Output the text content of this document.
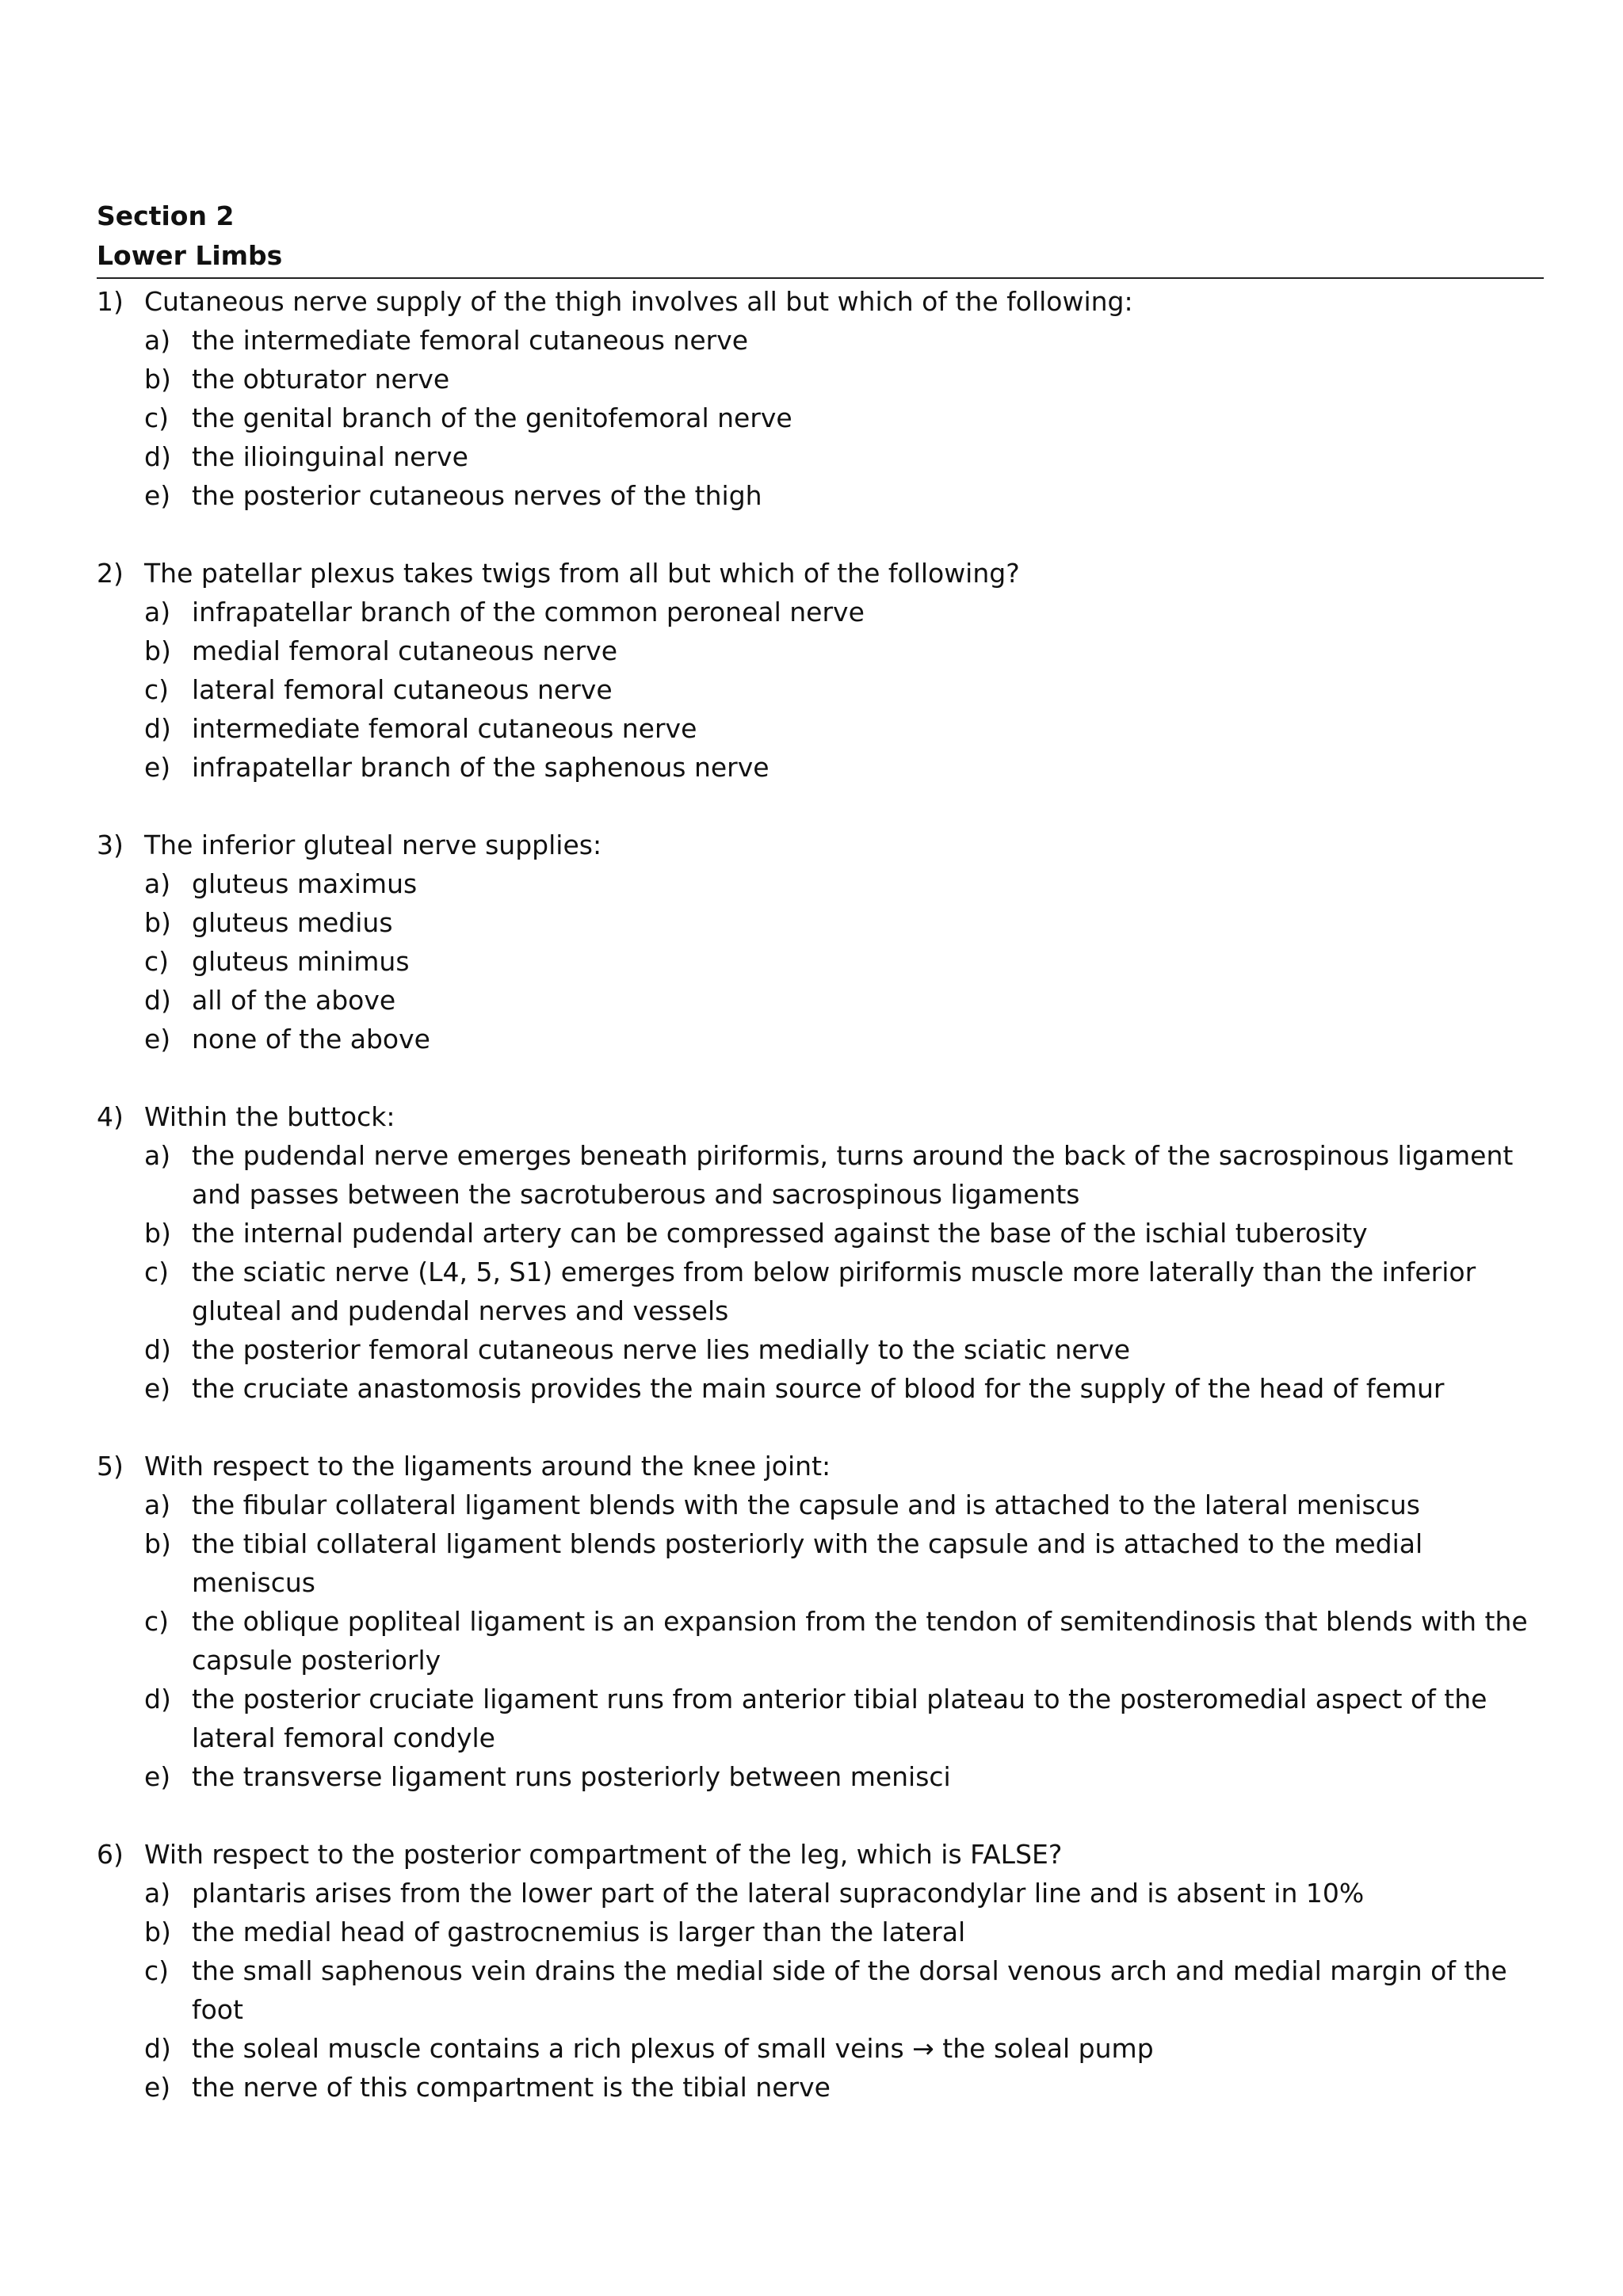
Section 2
Lower Limbs
1) Cutaneous nerve supply of the thigh involves all but which of the following:
a) the intermediate femoral cutaneous nerve
b) the obturator nerve
c) the genital branch of the genitofemoral nerve
d) the ilioinguinal nerve
e) the posterior cutaneous nerves of the thigh
2) The patellar plexus takes twigs from all but which of the following?
a) infrapatellar branch of the common peroneal nerve
b) medial femoral cutaneous nerve
c) lateral femoral cutaneous nerve
d) intermediate femoral cutaneous nerve
e) infrapatellar branch of the saphenous nerve
3) The inferior gluteal nerve supplies:
a) gluteus maximus
b) gluteus medius
c) gluteus minimus
d) all of the above
e) none of the above
4) Within the buttock:
a) the pudendal nerve emerges beneath piriformis, turns around the back of the sacrospinous ligament and passes between the sacrotuberous and sacrospinous ligaments
b) the internal pudendal artery can be compressed against the base of the ischial tuberosity
c) the sciatic nerve (L4, 5, S1) emerges from below piriformis muscle more laterally than the inferior gluteal and pudendal nerves and vessels
d) the posterior femoral cutaneous nerve lies medially to the sciatic nerve
e) the cruciate anastomosis provides the main source of blood for the supply of the head of femur
5) With respect to the ligaments around the knee joint:
a) the fibular collateral ligament blends with the capsule and is attached to the lateral meniscus
b) the tibial collateral ligament blends posteriorly with the capsule and is attached to the medial meniscus
c) the oblique popliteal ligament is an expansion from the tendon of semitendinosis that blends with the capsule posteriorly
d) the posterior cruciate ligament runs from anterior tibial plateau to the posteromedial aspect of the lateral femoral condyle
e) the transverse ligament runs posteriorly between menisci
6) With respect to the posterior compartment of the leg, which is FALSE?
a) plantaris arises from the lower part of the lateral supracondylar line and is absent in 10%
b) the medial head of gastrocnemius is larger than the lateral
c) the small saphenous vein drains the medial side of the dorsal venous arch and medial margin of the foot
d) the soleal muscle contains a rich plexus of small veins → the soleal pump
e) the nerve of this compartment is the tibial nerve
